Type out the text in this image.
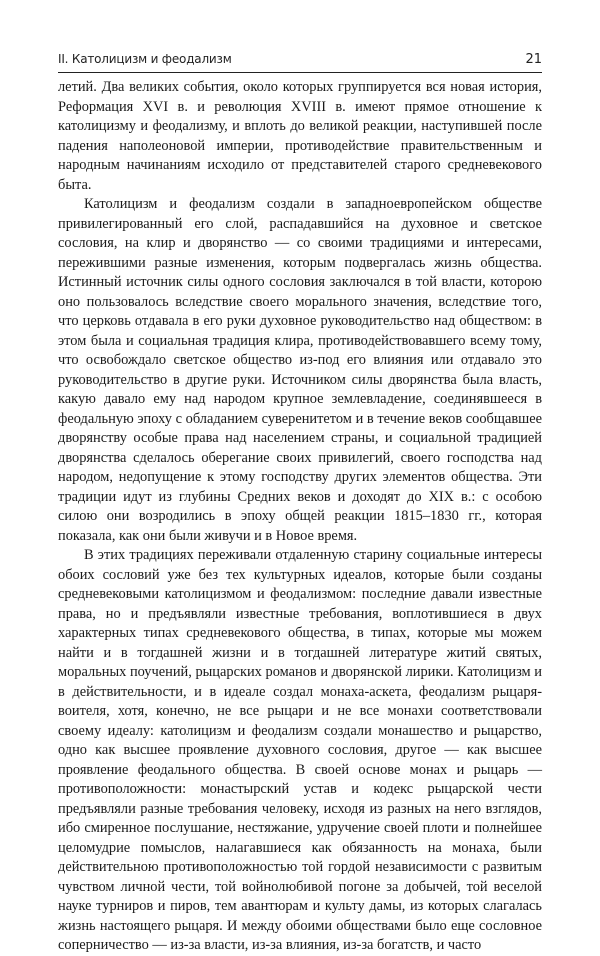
II. Католицизм и феодализм	21

летий. Два великих события, около которых группируется вся новая история, Реформация XVI в. и революция XVIII в. имеют прямое отношение к католицизму и феодализму, и вплоть до великой реакции, наступившей после падения наполеоновой империи, противодействие правительственным и народным начинаниям исходило от представителей старого средневекового быта.

Католицизм и феодализм создали в западноевропейском обществе привилегированный его слой, распадавшийся на духовное и светское сословия, на клир и дворянство — со своими традициями и интересами, пережившими разные изменения, которым подвергалась жизнь общества. Истинный источник силы одного сословия заключался в той власти, которою оно пользовалось вследствие своего морального значения, вследствие того, что церковь отдавала в его руки духовное руководительство над обществом: в этом была и социальная традиция клира, противодействовавшего всему тому, что освобождало светское общество из-под его влияния или отдавало это руководительство в другие руки. Источником силы дворянства была власть, какую давало ему над народом крупное землевладение, соединявшееся в феодальную эпоху с обладанием суверенитетом и в течение веков сообщавшее дворянству особые права над населением страны, и социальной традицией дворянства сделалось оберегание своих привилегий, своего господства над народом, недопущение к этому господству других элементов общества. Эти традиции идут из глубины Средних веков и доходят до XIX в.: с особою силою они возродились в эпоху общей реакции 1815–1830 гг., которая показала, как они были живучи и в Новое время.

В этих традициях переживали отдаленную старину социальные интересы обоих сословий уже без тех культурных идеалов, которые были созданы средневековыми католицизмом и феодализмом: последние давали известные права, но и предъявляли известные требования, воплотившиеся в двух характерных типах средневекового общества, в типах, которые мы можем найти и в тогдашней жизни и в тогдашней литературе житий святых, моральных поучений, рыцарских романов и дворянской лирики. Католицизм и в действительности, и в идеале создал монаха-аскета, феодализм рыцаря-воителя, хотя, конечно, не все рыцари и не все монахи соответствовали своему идеалу: католицизм и феодализм создали монашество и рыцарство, одно как высшее проявление духовного сословия, другое — как высшее проявление феодального общества. В своей основе монах и рыцарь — противоположности: монастырский устав и кодекс рыцарской чести предъявляли разные требования человеку, исходя из разных на него взглядов, ибо смиренное послушание, нестяжание, удручение своей плоти и полнейшее целомудрие помыслов, налагавшиеся как обязанность на монаха, были действительною противоположностью той гордой независимости с развитым чувством личной чести, той войнолюбивой погоне за добычей, той веселой науке турниров и пиров, тем авантюрам и культу дамы, из которых слагалась жизнь настоящего рыцаря. И между обоими обществами было еще сословное соперничество — из-за власти, из-за влияния, из-за богатств, и часто
